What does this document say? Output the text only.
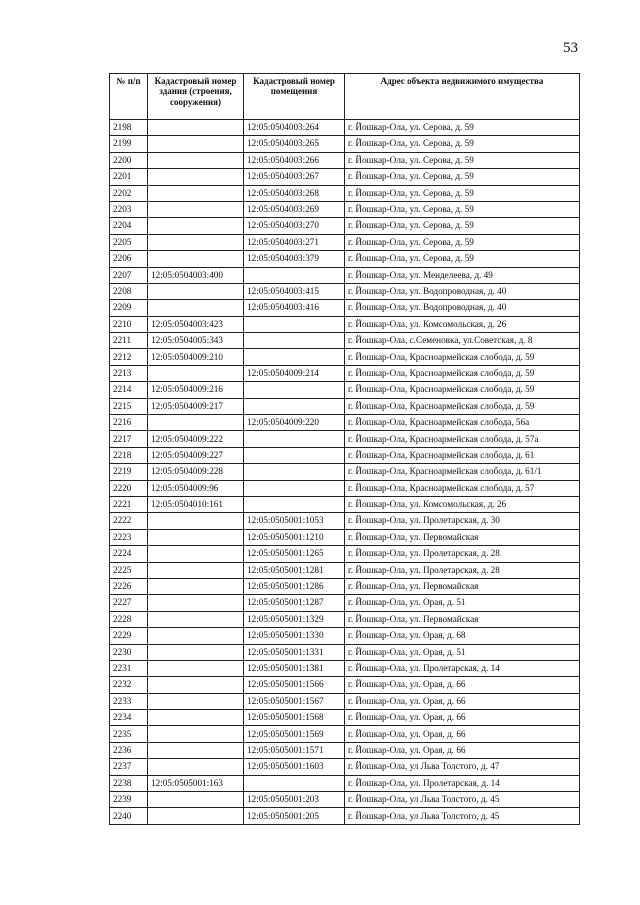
53
№ п/п	Кадастровый номер здания (строения, сооружения)	Кадастровый номер помещения	Адрес объекта недвижимого имущества
2198		12:05:0504003:264	г. Йошкар-Ола, ул. Серова, д. 59
2199		12:05:0504003:265	г. Йошкар-Ола, ул. Серова, д. 59
2200		12:05:0504003:266	г. Йошкар-Ола, ул. Серова, д. 59
2201		12:05:0504003:267	г. Йошкар-Ола, ул. Серова, д. 59
2202		12:05:0504003:268	г. Йошкар-Ола, ул. Серова, д. 59
2203		12:05:0504003:269	г. Йошкар-Ола, ул. Серова, д. 59
2204		12:05:0504003:270	г. Йошкар-Ола, ул. Серова, д. 59
2205		12:05:0504003:271	г. Йошкар-Ола, ул. Серова, д. 59
2206		12:05:0504003:379	г. Йошкар-Ола, ул. Серова, д. 59
2207	12:05:0504003:400		г. Йошкар-Ола, ул. Менделеева, д. 49
2208		12:05:0504003:415	г. Йошкар-Ола, ул. Водопроводная, д. 40
2209		12:05:0504003:416	г. Йошкар-Ола, ул. Водопроводная, д. 40
2210	12:05:0504003:423		г. Йошкар-Ола, ул. Комсомольская, д. 26
2211	12:05:0504005:343		г. Йошкар-Ола, с.Семеновка, ул.Советская, д. 8
2212	12:05:0504009:210		г. Йошкар-Ола, Красноармейская слобода, д. 59
2213		12:05:0504009:214	г. Йошкар-Ола, Красноармейская слобода, д. 59
2214	12:05:0504009:216		г. Йошкар-Ола, Красноармейская слобода, д. 59
2215	12:05:0504009:217		г. Йошкар-Ола, Красноармейская слобода, д. 59
2216		12:05:0504009:220	г. Йошкар-Ола, Красноармейская слобода, 56а
2217	12:05:0504009:222		г. Йошкар-Ола, Красноармейская слобода, д. 57а
2218	12:05:0504009:227		г. Йошкар-Ола, Красноармейская слобода, д. 61
2219	12:05:0504009:228		г. Йошкар-Ола, Красноармейская слобода, д. 61/1
2220	12:05:0504009:96		г. Йошкар-Ола, Красноармейская слобода, д. 57
2221	12:05:0504010:161		г. Йошкар-Ола, ул. Комсомольская, д. 26
2222		12:05:0505001:1053	г. Йошкар-Ола, ул. Пролетарская, д. 30
2223		12:05:0505001:1210	г. Йошкар-Ола, ул. Первомайская
2224		12:05:0505001:1265	г. Йошкар-Ола, ул. Пролетарская, д. 28
2225		12:05:0505001:1281	г. Йошкар-Ола, ул. Пролетарская, д. 28
2226		12:05:0505001:1286	г. Йошкар-Ола, ул. Первомайская
2227		12:05:0505001:1287	г. Йошкар-Ола, ул. Орая, д. 51
2228		12:05:0505001:1329	г. Йошкар-Ола, ул. Первомайская
2229		12:05:0505001:1330	г. Йошкар-Ола, ул. Орая, д. 68
2230		12:05:0505001:1331	г. Йошкар-Ола, ул. Орая, д. 51
2231		12:05:0505001:1381	г. Йошкар-Ола, ул. Пролетарская, д. 14
2232		12:05:0505001:1566	г. Йошкар-Ола, ул. Орая, д. 66
2233		12:05:0505001:1567	г. Йошкар-Ола, ул. Орая, д. 66
2234		12:05:0505001:1568	г. Йошкар-Ола, ул. Орая, д. 66
2235		12:05:0505001:1569	г. Йошкар-Ола, ул. Орая, д. 66
2236		12:05:0505001:1571	г. Йошкар-Ола, ул. Орая, д. 66
2237		12:05:0505001:1603	г. Йошкар-Ола, ул Льва Толстого, д. 47
2238	12:05:0505001:163		г. Йошкар-Ола, ул. Пролетарская, д. 14
2239		12:05:0505001:203	г. Йошкар-Ола, ул Льва Толстого, д. 45
2240		12:05:0505001:205	г. Йошкар-Ола, ул Льва Толстого, д. 45
